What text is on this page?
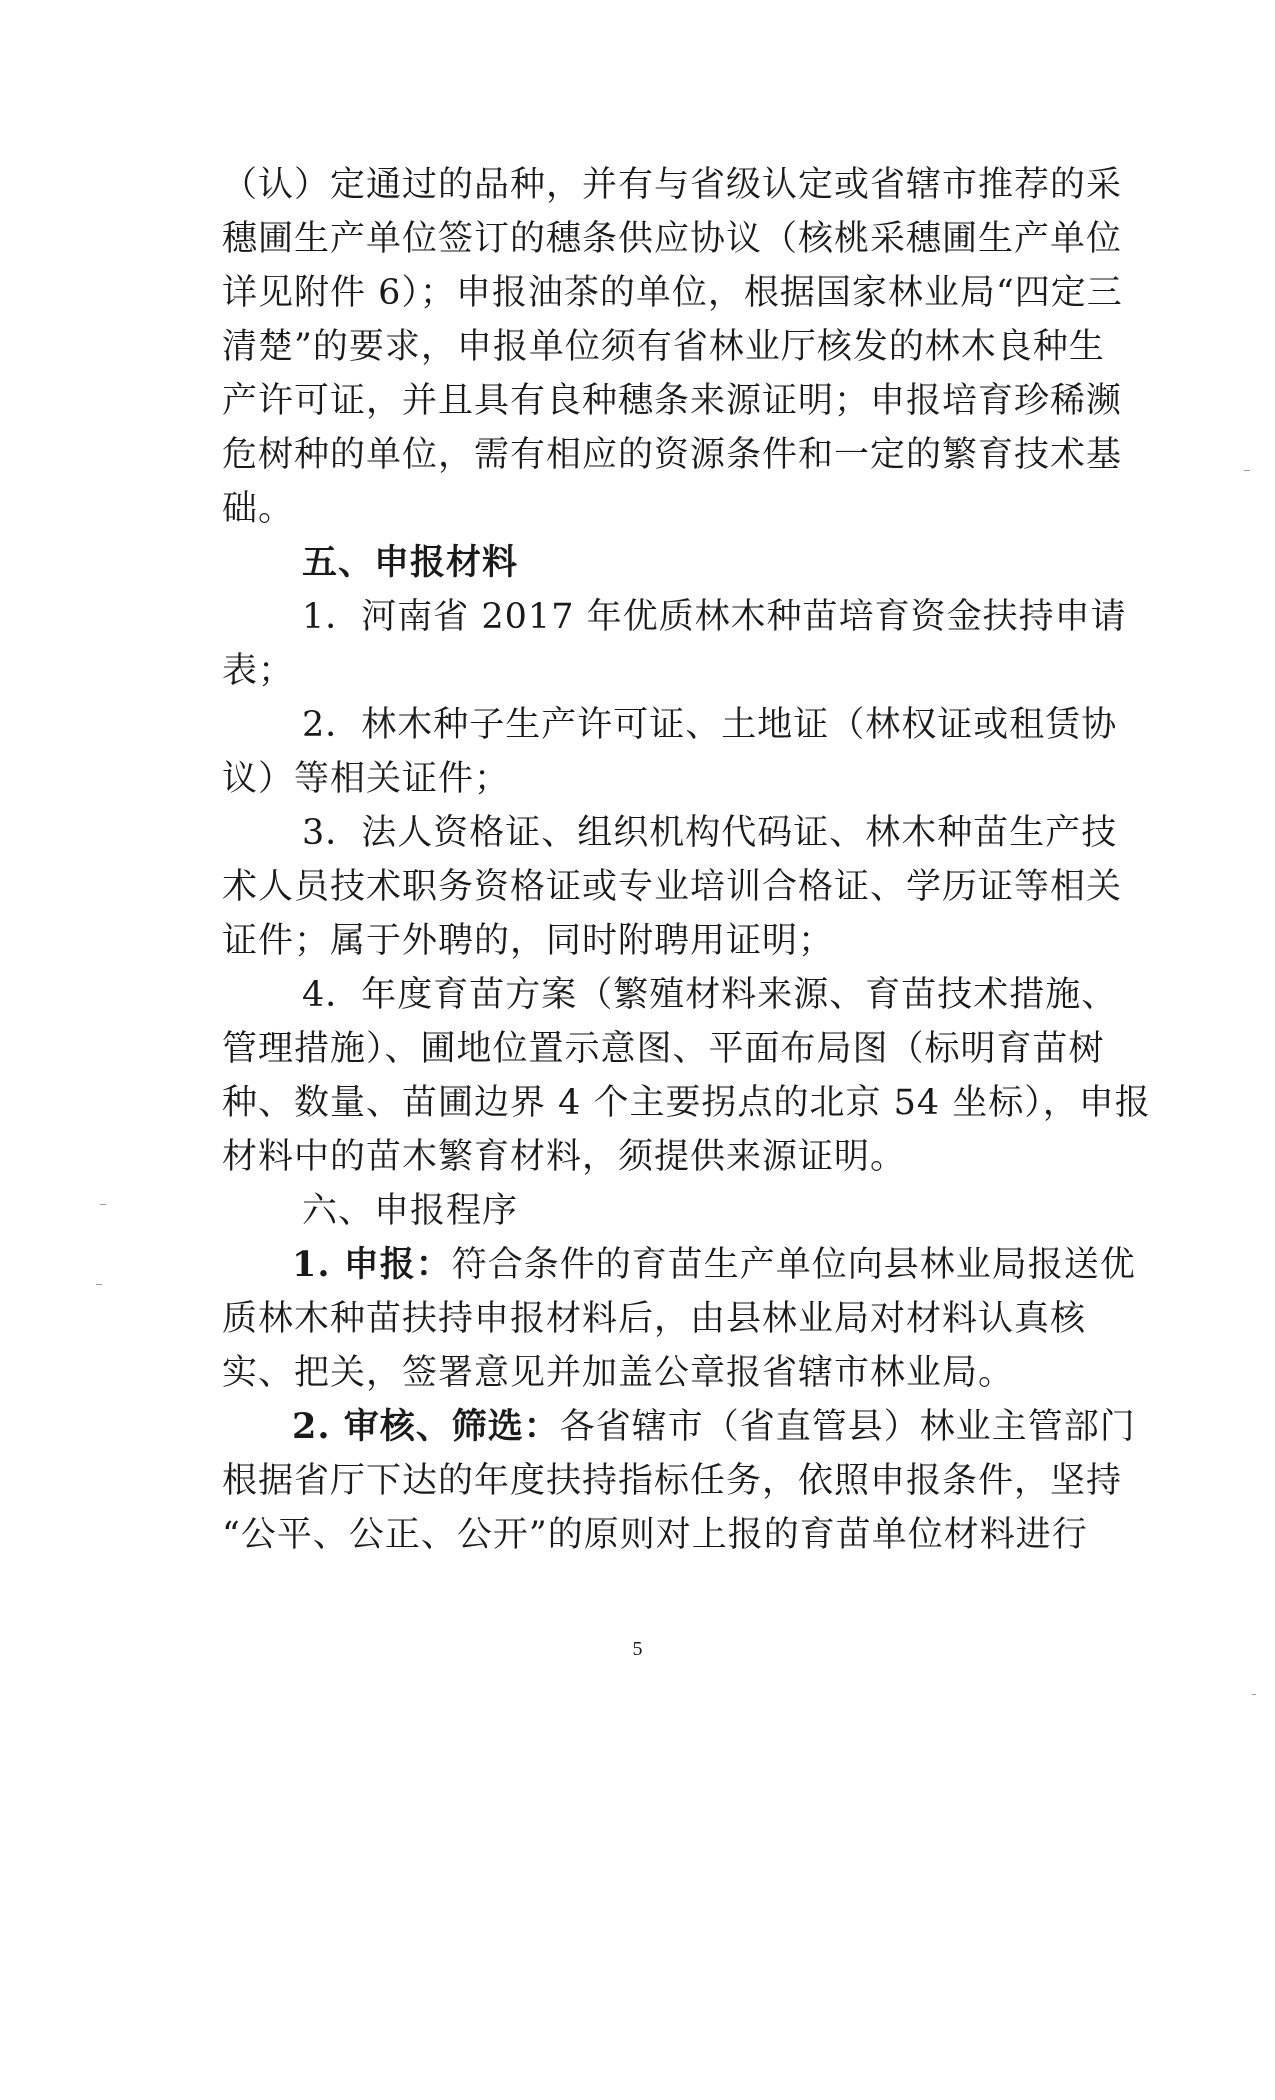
（认）定通过的品种，并有与省级认定或省辖市推荐的采
穗圃生产单位签订的穗条供应协议（核桃采穗圃生产单位
详见附件 6）；申报油茶的单位，根据国家林业局“四定三
清楚”的要求，申报单位须有省林业厅核发的林木良种生
产许可证，并且具有良种穗条来源证明；申报培育珍稀濒
危树种的单位，需有相应的资源条件和一定的繁育技术基
础。
五、申报材料
1．河南省 2017 年优质林木种苗培育资金扶持申请
表；
2．林木种子生产许可证、土地证（林权证或租赁协
议）等相关证件；
3．法人资格证、组织机构代码证、林木种苗生产技
术人员技术职务资格证或专业培训合格证、学历证等相关
证件；属于外聘的，同时附聘用证明；
4．年度育苗方案（繁殖材料来源、育苗技术措施、
管理措施）、圃地位置示意图、平面布局图（标明育苗树
种、数量、苗圃边界 4 个主要拐点的北京 54 坐标），申报
材料中的苗木繁育材料，须提供来源证明。
六、申报程序
1. 申报：符合条件的育苗生产单位向县林业局报送优
质林木种苗扶持申报材料后，由县林业局对材料认真核
实、把关，签署意见并加盖公章报省辖市林业局。
2. 审核、筛选：各省辖市（省直管县）林业主管部门
根据省厅下达的年度扶持指标任务，依照申报条件，坚持
“公平、公正、公开”的原则对上报的育苗单位材料进行
5
